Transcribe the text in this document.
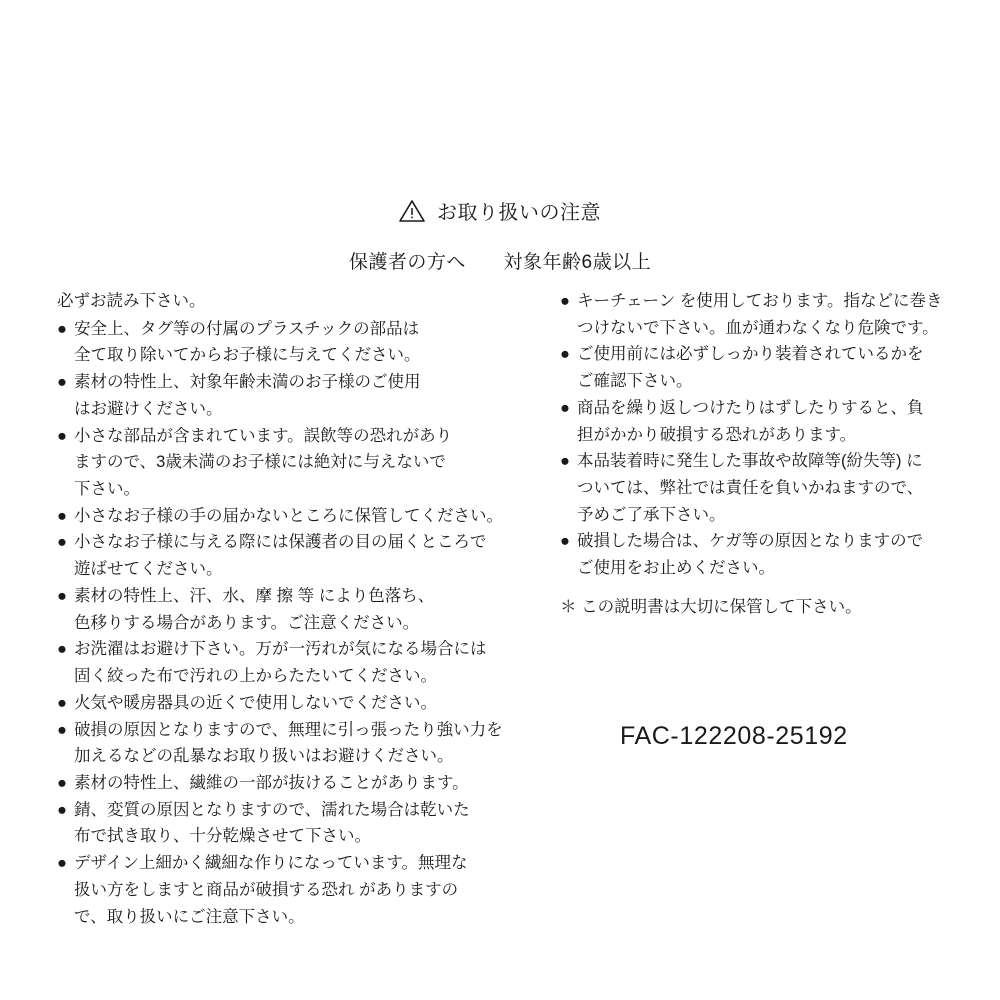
お取り扱いの注意
保護者の方へ 対象年齢6歳以上

必ずお読み下さい。

● 安全上、タグ等の付属のプラスチックの部品は
全て取り除いてからお子様に与えてください。
● 素材の特性上、対象年齢未満のお子様のご使用
はお避けください。
● 小さな部品が含まれています。誤飲等の恐れがあり
ますので、3歳未満のお子様には絶対に与えないで
下さい。
● 小さなお子様の手の届かないところに保管してください。
● 小さなお子様に与える際には保護者の目の届くところで
遊ばせてください。
● 素材の特性上、汗、水、摩 擦 等 により色落ち、
色移りする場合があります。ご注意ください。
● お洗濯はお避け下さい。万が一汚れが気になる場合には
固く絞った布で汚れの上からたたいてください。
● 火気や暖房器具の近くで使用しないでください。
● 破損の原因となりますので、無理に引っ張ったり強い力を
加えるなどの乱暴なお取り扱いはお避けください。
● 素材の特性上、繊維の一部が抜けることがあります。
● 錆、変質の原因となりますので、濡れた場合は乾いた
布で拭き取り、十分乾燥させて下さい。
● デザイン上細かく繊細な作りになっています。無理な
扱い方をしますと商品が破損する恐れ がありますの
で、取り扱いにご注意下さい。
● キーチェーン を使用しております。指などに巻き
つけないで下さい。血が通わなくなり危険です。
● ご使用前には必ずしっかり装着されているかを
ご確認下さい。
● 商品を繰り返しつけたりはずしたりすると、負
担がかかり破損する恐れがあります。
● 本品装着時に発生した事故や故障等(紛失等) に
ついては、弊社では責任を負いかねますので、
予めご了承下さい。
● 破損した場合は、ケガ等の原因となりますので
ご使用をお止めください。
＊ この説明書は大切に保管して下さい。
FAC-122208-25192
